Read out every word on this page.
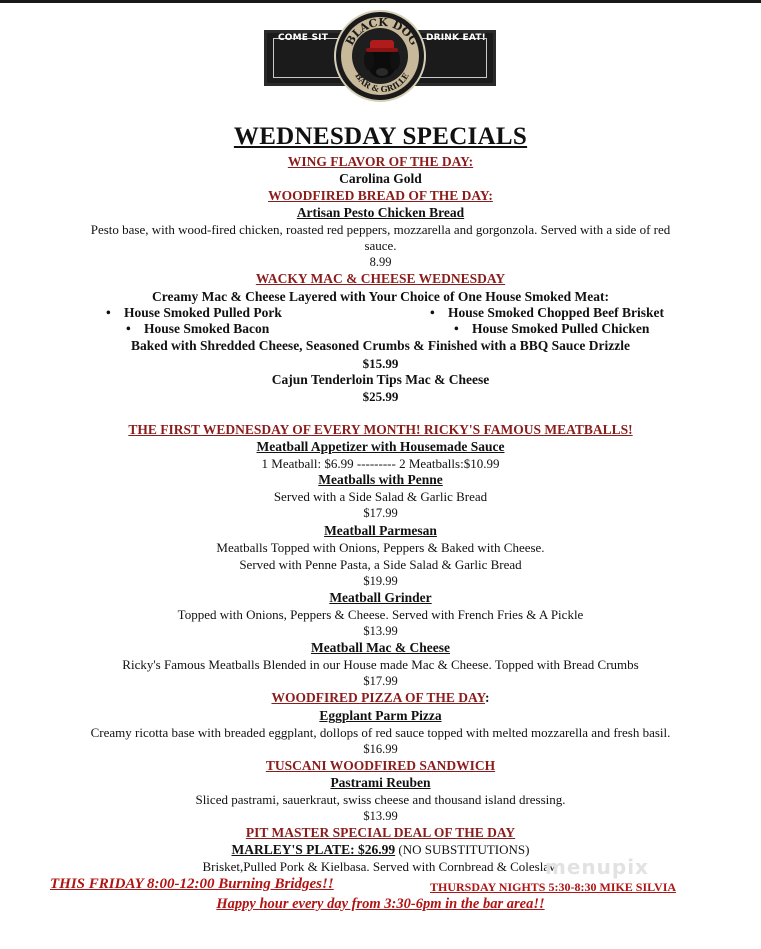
COME SIT	DRINK EAT!
BLACK DOG
BAR & GRILLE
WEDNESDAY SPECIALS
WING FLAVOR OF THE DAY:
Carolina Gold
WOODFIRED BREAD OF THE DAY:
Artisan Pesto Chicken Bread
Pesto base, with wood-fired chicken, roasted red peppers, mozzarella and gorgonzola. Served with a side of red
sauce.
8.99
WACKY MAC & CHEESE WEDNESDAY
Creamy Mac & Cheese Layered with Your Choice of One House Smoked Meat:
• House Smoked Pulled Pork	• House Smoked Chopped Beef Brisket
• House Smoked Bacon	• House Smoked Pulled Chicken
Baked with Shredded Cheese, Seasoned Crumbs & Finished with a BBQ Sauce Drizzle
$15.99
Cajun Tenderloin Tips Mac & Cheese
$25.99
THE FIRST WEDNESDAY OF EVERY MONTH! RICKY'S FAMOUS MEATBALLS!
Meatball Appetizer with Housemade Sauce
1 Meatball: $6.99 --------- 2 Meatballs:$10.99
Meatballs with Penne
Served with a Side Salad & Garlic Bread
$17.99
Meatball Parmesan
Meatballs Topped with Onions, Peppers & Baked with Cheese.
Served with Penne Pasta, a Side Salad & Garlic Bread
$19.99
Meatball Grinder
Topped with Onions, Peppers & Cheese. Served with French Fries & A Pickle
$13.99
Meatball Mac & Cheese
Ricky's Famous Meatballs Blended in our House made Mac & Cheese. Topped with Bread Crumbs
$17.99
WOODFIRED PIZZA OF THE DAY:
Eggplant Parm Pizza
Creamy ricotta base with breaded eggplant, dollops of red sauce topped with melted mozzarella and fresh basil.
$16.99
TUSCANI WOODFIRED SANDWICH
Pastrami Reuben
Sliced pastrami, sauerkraut, swiss cheese and thousand island dressing.
$13.99
PIT MASTER SPECIAL DEAL OF THE DAY
MARLEY'S PLATE: $26.99 (NO SUBSTITUTIONS)
Brisket,Pulled Pork & Kielbasa. Served with Cornbread & Coleslaw
menupix
THIS FRIDAY 8:00-12:00 Burning Bridges!!	THURSDAY NIGHTS 5:30-8:30 MIKE SILVIA
Happy hour every day from 3:30-6pm in the bar area!!
